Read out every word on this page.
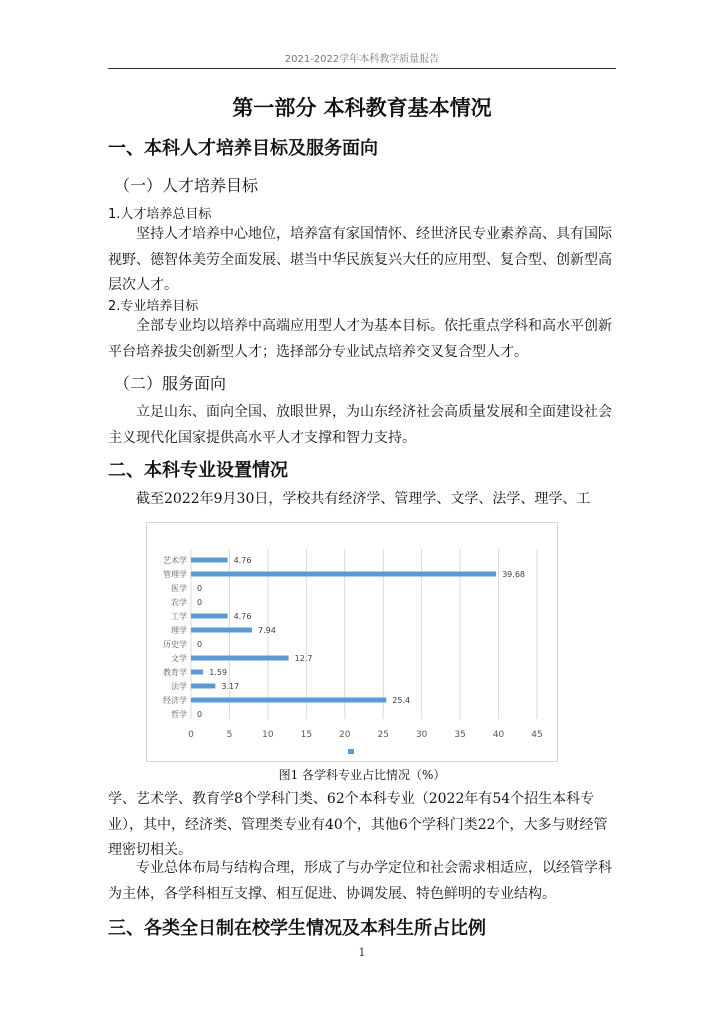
2021-2022学年本科教学质量报告
第一部分 本科教育基本情况
一、本科人才培养目标及服务面向
（一）人才培养目标
1.人才培养总目标
坚持人才培养中心地位，培养富有家国情怀、经世济民专业素养高、具有国际视野、德智体美劳全面发展、堪当中华民族复兴大任的应用型、复合型、创新型高层次人才。
2.专业培养目标
全部专业均以培养中高端应用型人才为基本目标。依托重点学科和高水平创新平台培养拔尖创新型人才；选择部分专业试点培养交叉复合型人才。
（二）服务面向
立足山东、面向全国、放眼世界，为山东经济社会高质量发展和全面建设社会主义现代化国家提供高水平人才支撑和智力支持。
二、本科专业设置情况
截至2022年9月30日，学校共有经济学、管理学、文学、法学、理学、工
0	5	10	15	20	25	30	35	40	45
艺术学	4.76
管理学	39.68
医学 0
农学 0
工学	4.76
理学	7.94
历史学 0
文学	12.7
教育学	1.59
法学	3.17
经济学	25.4
哲学 0
图1 各学科专业占比情况（%）
学、艺术学、教育学8个学科门类、62个本科专业（2022年有54个招生本科专业），其中，经济类、管理类专业有40个，其他6个学科门类22个，大多与财经管理密切相关。
专业总体布局与结构合理，形成了与办学定位和社会需求相适应，以经管学科为主体，各学科相互支撑、相互促进、协调发展、特色鲜明的专业结构。
三、各类全日制在校学生情况及本科生所占比例
1
